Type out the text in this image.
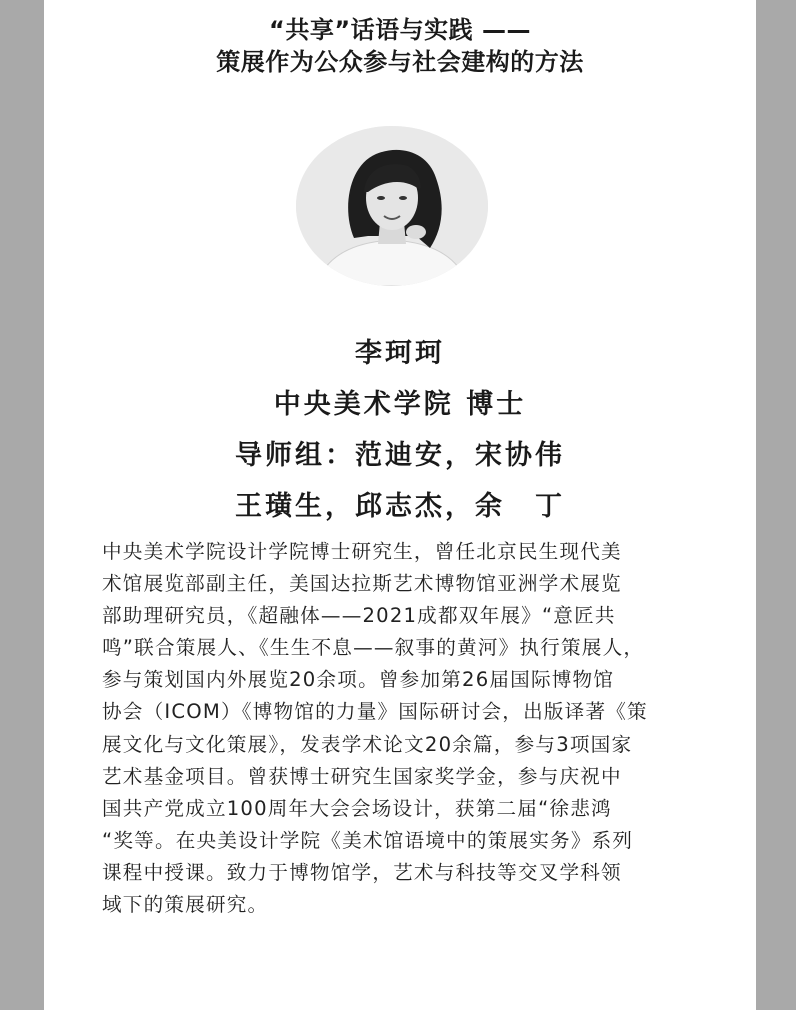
“共享”话语与实践 ——
策展作为公众参与社会建构的方法
李珂珂
中央美术学院 博士
导师组：范迪安，宋协伟
王璜生，邱志杰，余　丁
中央美术学院设计学院博士研究生，曾任北京民生现代美
术馆展览部副主任，美国达拉斯艺术博物馆亚洲学术展览
部助理研究员，《超融体——2021成都双年展》“意匠共
鸣”联合策展人、《生生不息——叙事的黄河》执行策展人，
参与策划国内外展览20余项。曾参加第26届国际博物馆
协会（ICOM）《博物馆的力量》国际研讨会，出版译著《策
展文化与文化策展》，发表学术论文20余篇，参与3项国家
艺术基金项目。曾获博士研究生国家奖学金，参与庆祝中
国共产党成立100周年大会会场设计，获第二届“徐悲鸿
“奖等。在央美设计学院《美术馆语境中的策展实务》系列
课程中授课。致力于博物馆学，艺术与科技等交叉学科领
域下的策展研究。
